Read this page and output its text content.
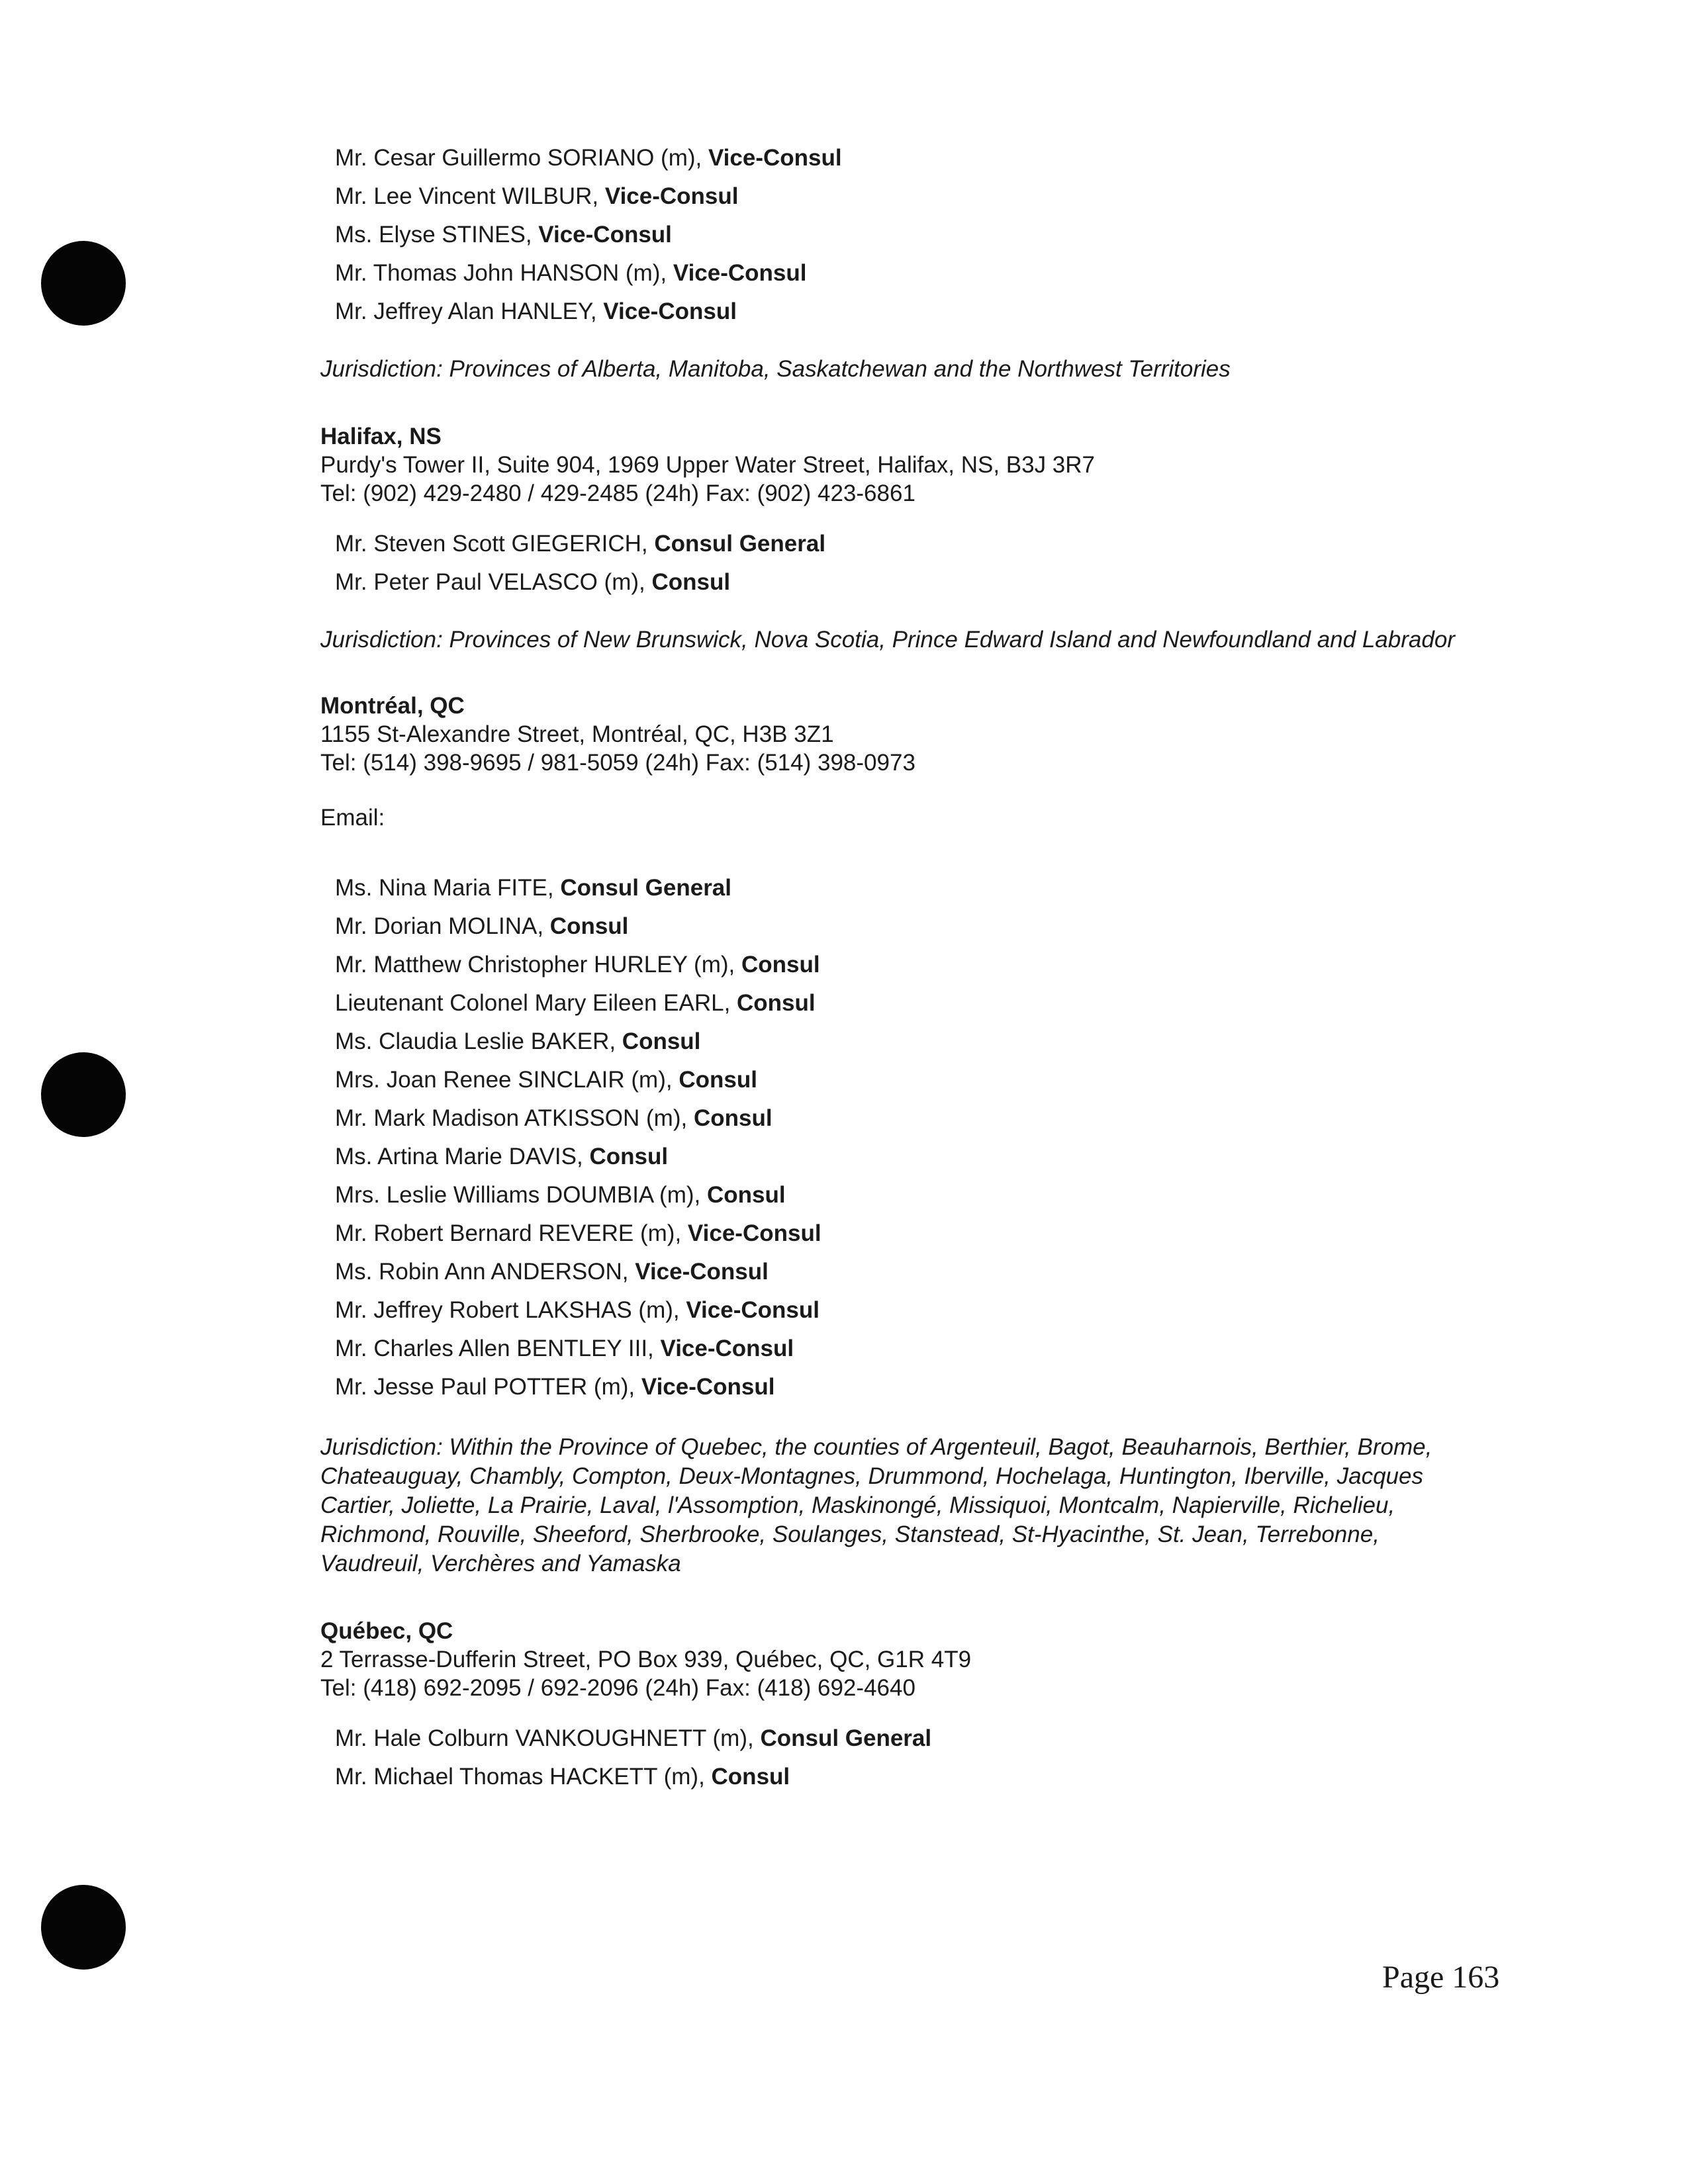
Mr. Cesar Guillermo SORIANO (m), Vice-Consul
Mr. Lee Vincent WILBUR, Vice-Consul
Ms. Elyse STINES, Vice-Consul
Mr. Thomas John HANSON (m), Vice-Consul
Mr. Jeffrey Alan HANLEY, Vice-Consul

Jurisdiction: Provinces of Alberta, Manitoba, Saskatchewan and the Northwest Territories

Halifax, NS
Purdy's Tower II, Suite 904, 1969 Upper Water Street, Halifax, NS, B3J 3R7
Tel: (902) 429-2480 / 429-2485 (24h) Fax: (902) 423-6861
Mr. Steven Scott GIEGERICH, Consul General
Mr. Peter Paul VELASCO (m), Consul

Jurisdiction: Provinces of New Brunswick, Nova Scotia, Prince Edward Island and Newfoundland and Labrador

Montréal, QC
1155 St-Alexandre Street, Montréal, QC, H3B 3Z1
Tel: (514) 398-9695 / 981-5059 (24h) Fax: (514) 398-0973
Email:
Ms. Nina Maria FITE, Consul General
Mr. Dorian MOLINA, Consul
Mr. Matthew Christopher HURLEY (m), Consul
Lieutenant Colonel Mary Eileen EARL, Consul
Ms. Claudia Leslie BAKER, Consul
Mrs. Joan Renee SINCLAIR (m), Consul
Mr. Mark Madison ATKISSON (m), Consul
Ms. Artina Marie DAVIS, Consul
Mrs. Leslie Williams DOUMBIA (m), Consul
Mr. Robert Bernard REVERE (m), Vice-Consul
Ms. Robin Ann ANDERSON, Vice-Consul
Mr. Jeffrey Robert LAKSHAS (m), Vice-Consul
Mr. Charles Allen BENTLEY III, Vice-Consul
Mr. Jesse Paul POTTER (m), Vice-Consul

Jurisdiction: Within the Province of Quebec, the counties of Argenteuil, Bagot, Beauharnois, Berthier, Brome, Chateauguay, Chambly, Compton, Deux-Montagnes, Drummond, Hochelaga, Huntington, Iberville, Jacques Cartier, Joliette, La Prairie, Laval, l'Assomption, Maskinongé, Missiquoi, Montcalm, Napierville, Richelieu, Richmond, Rouville, Sheeford, Sherbrooke, Soulanges, Stanstead, St-Hyacinthe, St. Jean, Terrebonne, Vaudreuil, Verchères and Yamaska

Québec, QC
2 Terrasse-Dufferin Street, PO Box 939, Québec, QC, G1R 4T9
Tel: (418) 692-2095 / 692-2096 (24h) Fax: (418) 692-4640
Mr. Hale Colburn VANKOUGHNETT (m), Consul General
Mr. Michael Thomas HACKETT (m), Consul
Page 163
